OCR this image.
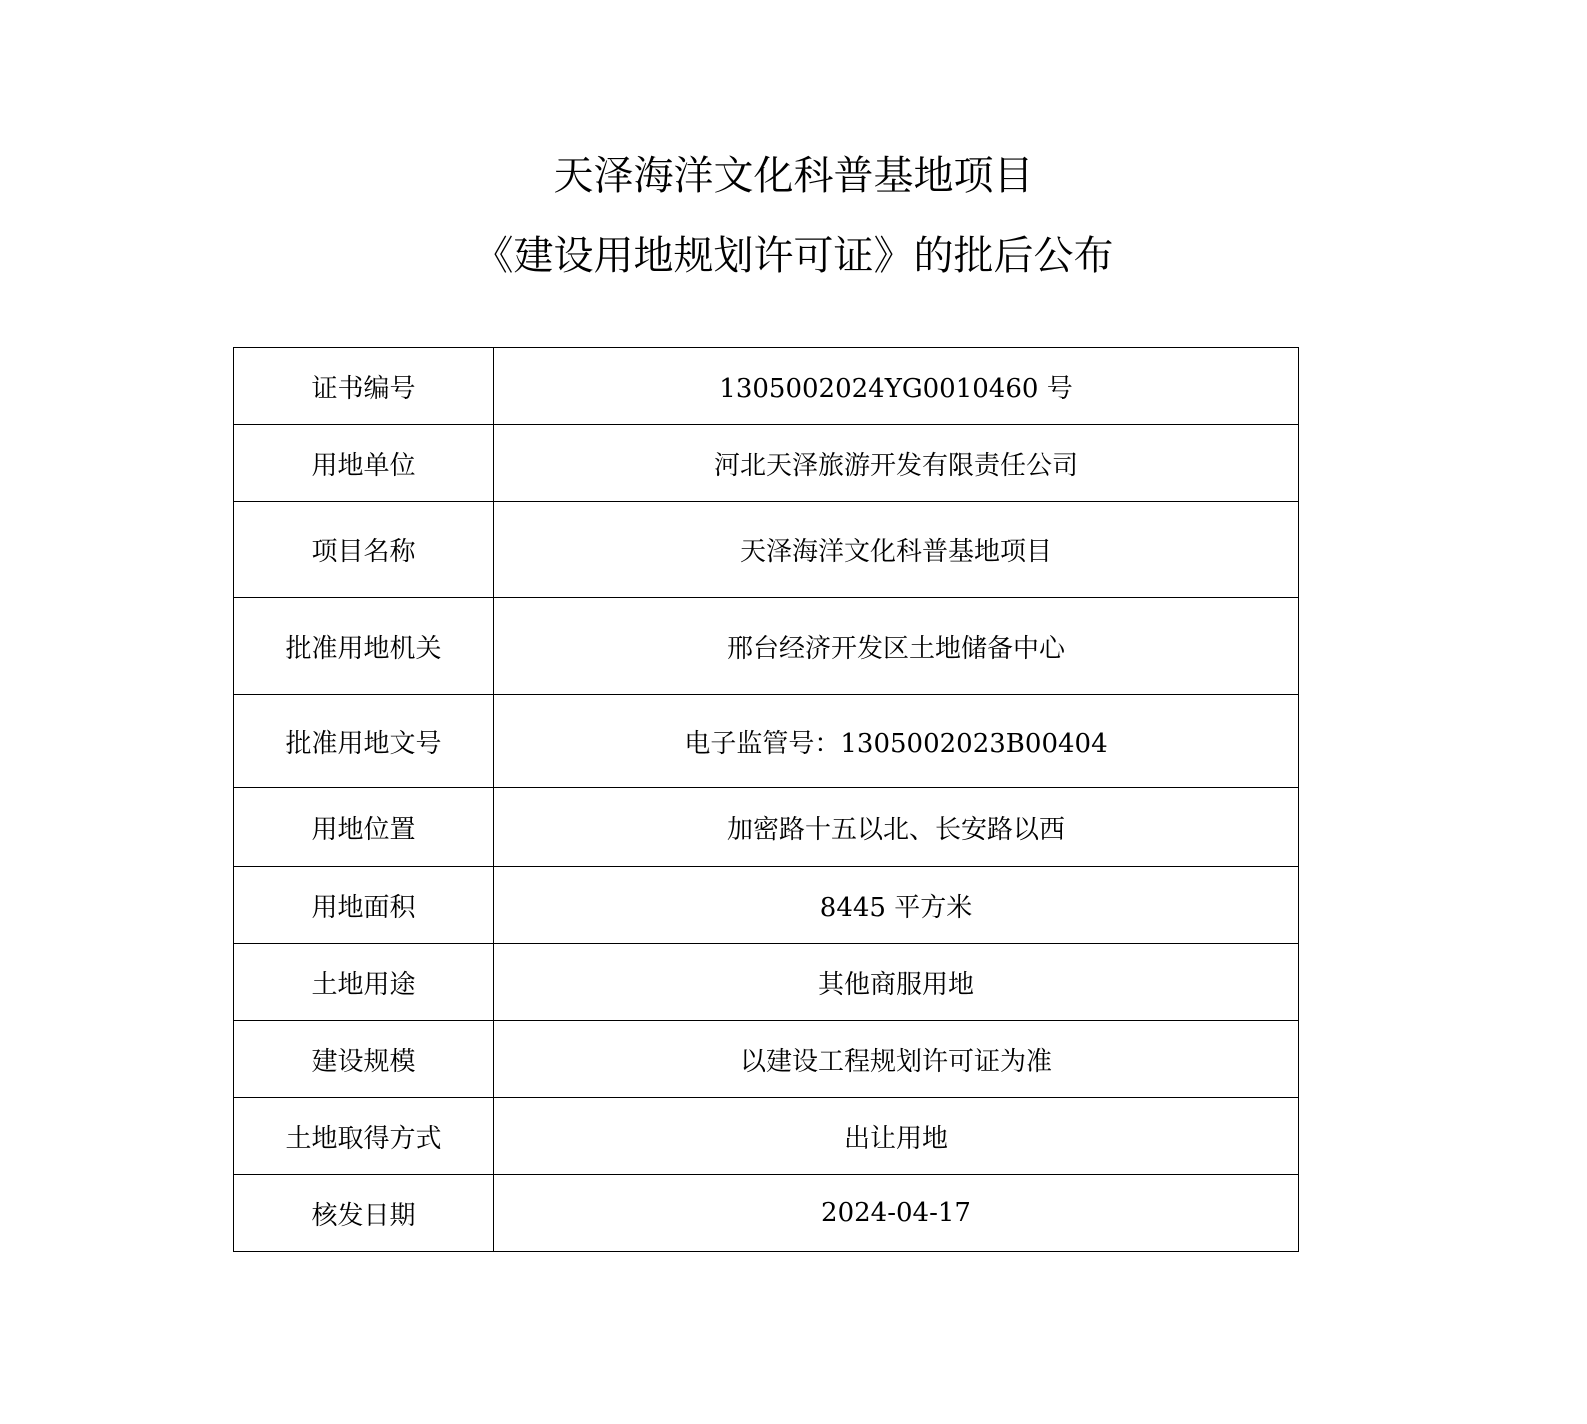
天泽海洋文化科普基地项目
《建设用地规划许可证》的批后公布
证书编号	1305002024YG0010460 号
用地单位	河北天泽旅游开发有限责任公司
项目名称	天泽海洋文化科普基地项目
批准用地机关	邢台经济开发区土地储备中心
批准用地文号	电子监管号：1305002023B00404
用地位置	加密路十五以北、长安路以西
用地面积	8445 平方米
土地用途	其他商服用地
建设规模	以建设工程规划许可证为准
土地取得方式	出让用地
核发日期	2024-04-17
